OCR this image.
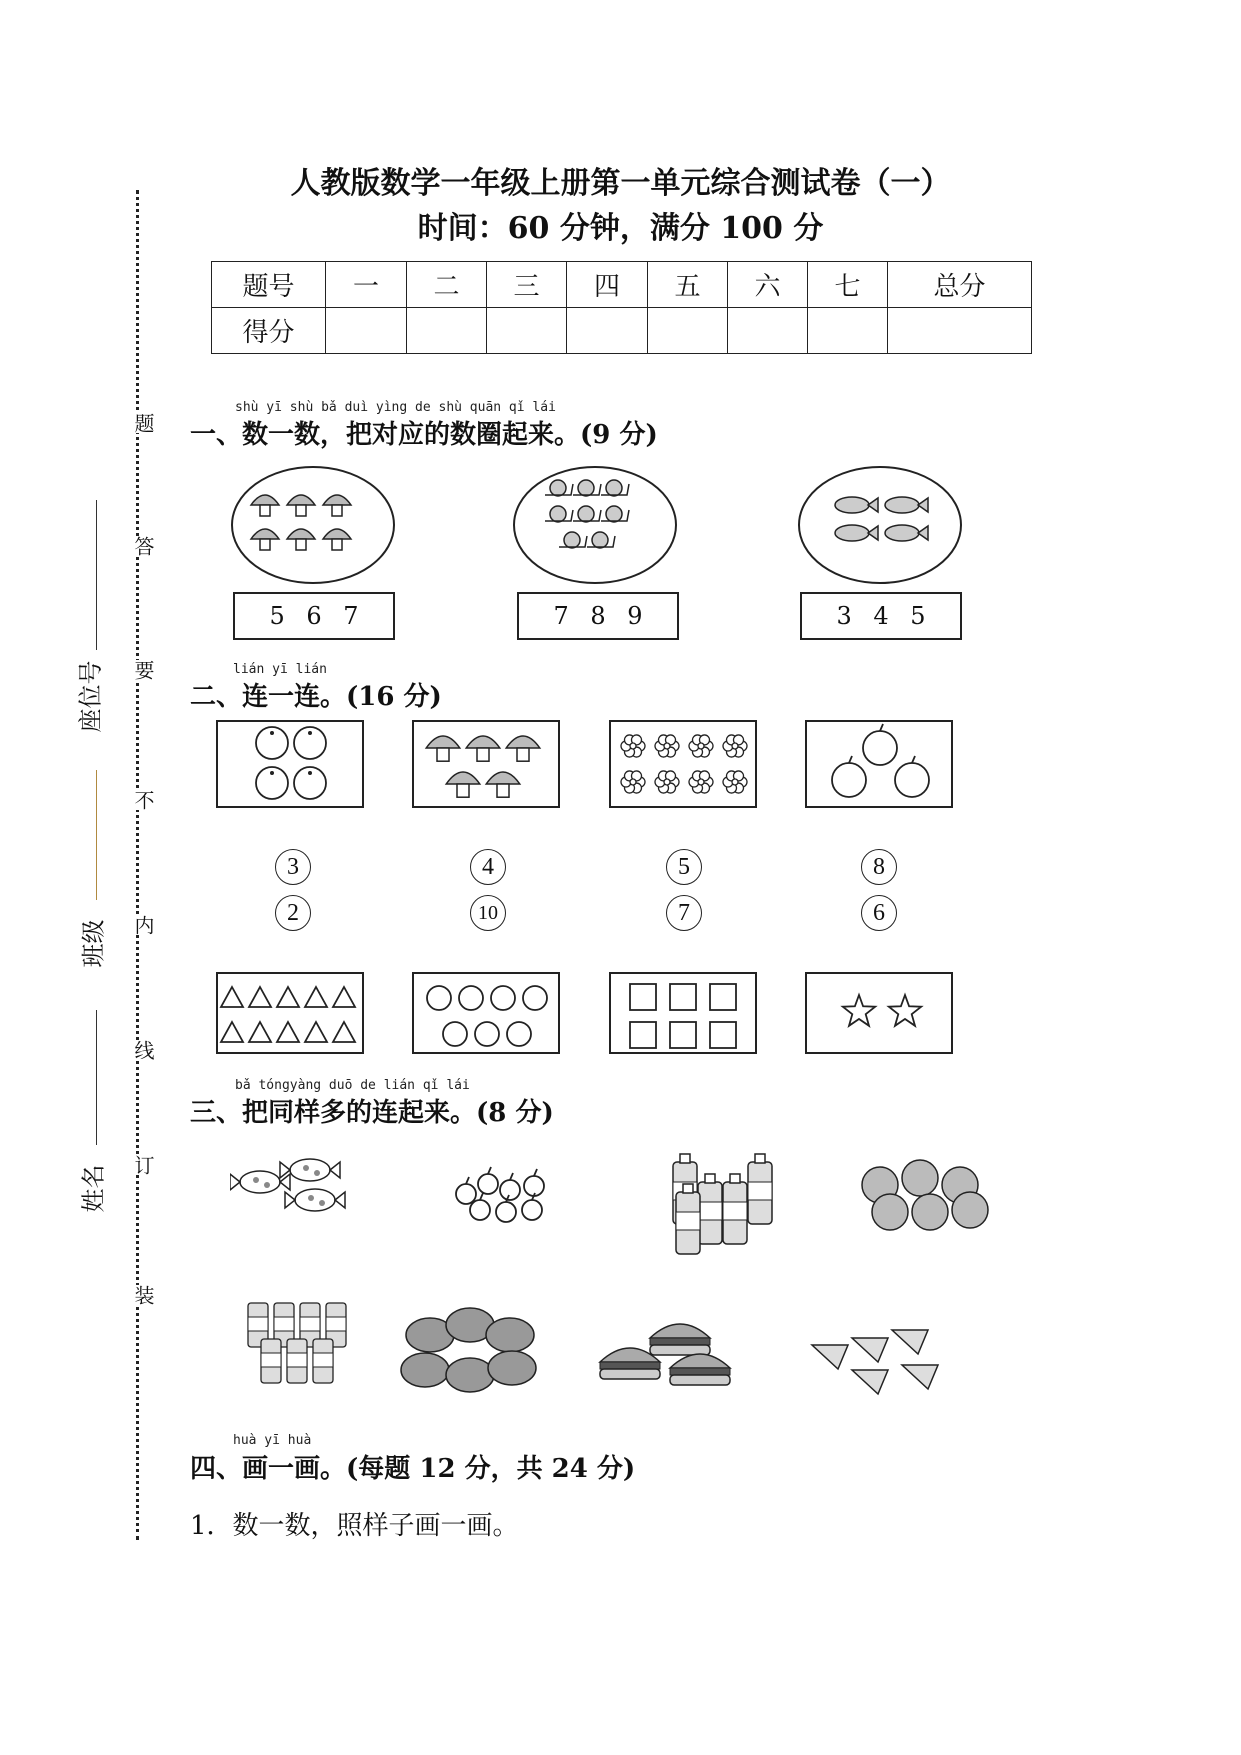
题
答
要
不
内
线
订
装
座位号
班级
姓名
人教版数学一年级上册第一单元综合测试卷（一）
时间：60 分钟，满分 100 分
题号	一	二	三	四	五	六	七	总分
得分								
shù yī shù bǎ duì yìng de shù quān qǐ lái
一、数一数，把对应的数圈起来。(9 分)
5 6 7	7 8 9	3 4 5
lián yī lián
二、连一连。(16 分)
3	4	5	8
2	10	7	6
bǎ tóngyàng duō de lián qǐ lái
三、把同样多的连起来。(8 分)
huà yī huà
四、画一画。(每题 12 分，共 24 分)
1．数一数，照样子画一画。
